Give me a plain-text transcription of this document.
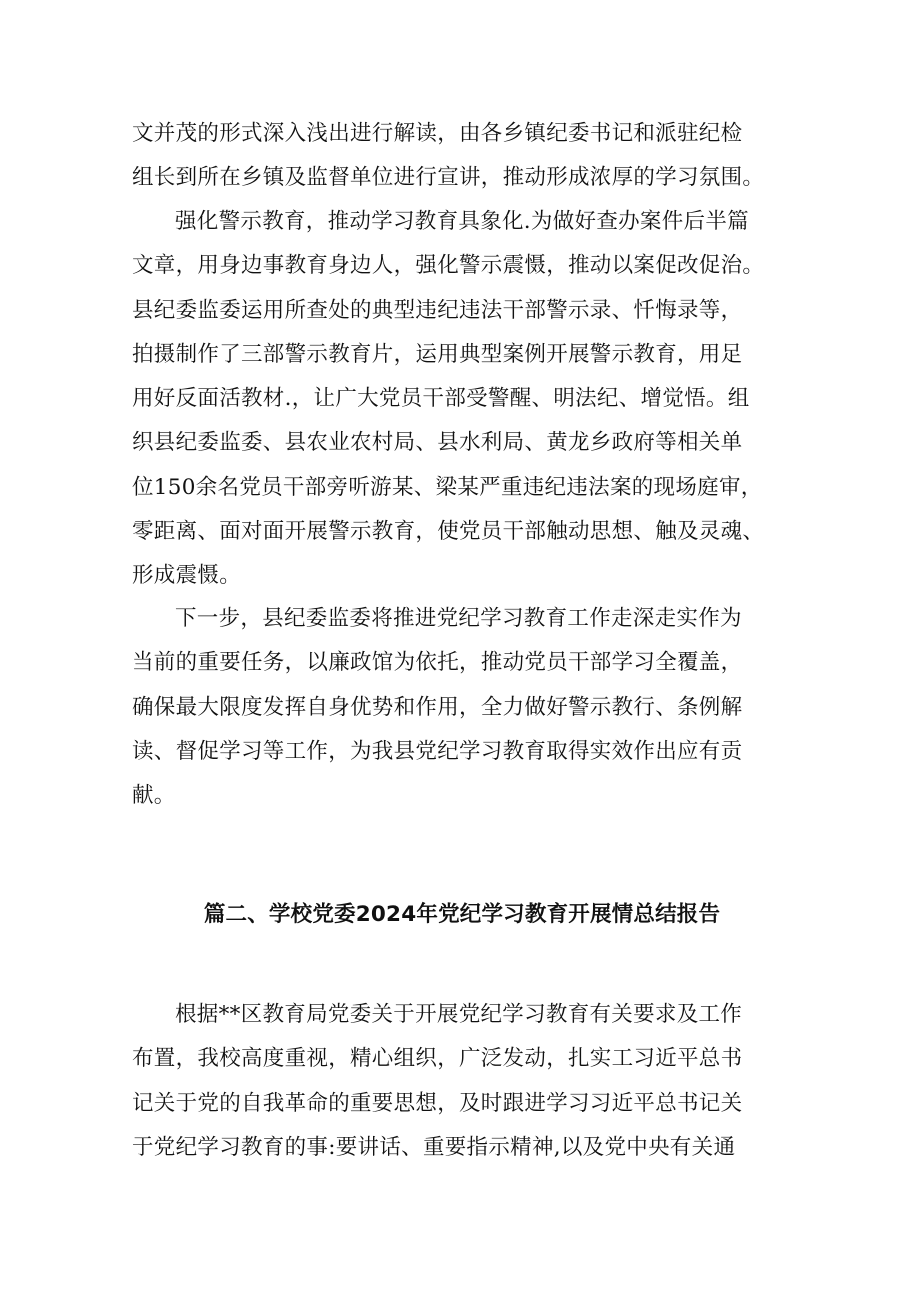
文并茂的形式深入浅出进行解读，由各乡镇纪委书记和派驻纪检
组长到所在乡镇及监督单位进行宣讲，推动形成浓厚的学习氛围。

强化警示教育，推动学习教育具象化.为做好查办案件后半篇
文章，用身边事教育身边人，强化警示震慑，推动以案促改促治。
县纪委监委运用所查处的典型违纪违法干部警示录、忏悔录等，
拍摄制作了三部警示教育片，运用典型案例开展警示教育，用足
用好反面活教材.，让广大党员干部受警醒、明法纪、增觉悟。组
织县纪委监委、县农业农村局、县水利局、黄龙乡政府等相关单
位150余名党员干部旁听游某、梁某严重违纪违法案的现场庭审，
零距离、面对面开展警示教育，使党员干部触动思想、触及灵魂、
形成震慑。

下一步，县纪委监委将推进党纪学习教育工作走深走实作为
当前的重要任务，以廉政馆为依托，推动党员干部学习全覆盖，
确保最大限度发挥自身优势和作用，全力做好警示教行、条例解
读、督促学习等工作，为我县党纪学习教育取得实效作出应有贡
献。

篇二、学校党委2024年党纪学习教育开展情总结报告

根据**区教育局党委关于开展党纪学习教育有关要求及工作
布置，我校高度重视，精心组织，广泛发动，扎实工习近平总书
记关于党的自我革命的重要思想，及时跟进学习习近平总书记关
于党纪学习教育的事:要讲话、重要指示精神,以及党中央有关通
